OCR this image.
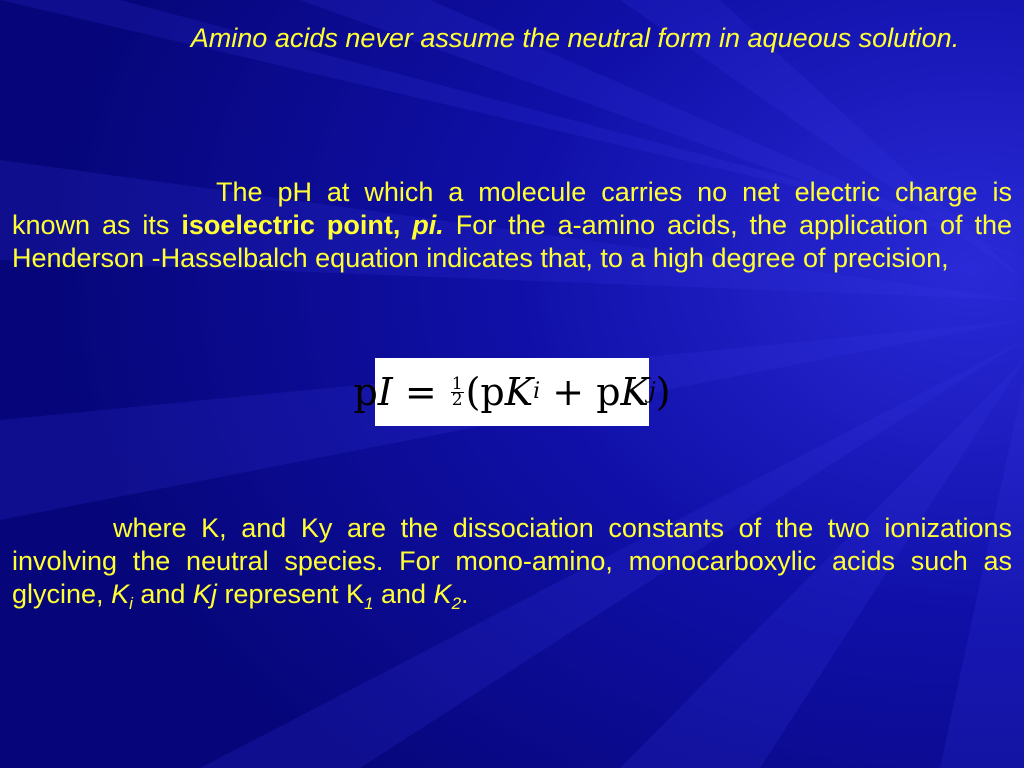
Amino acids never assume the neutral form in aqueous solution.
The pH at which a molecule carries no net electric charge is known as its isoelectric point, pi. For the a-amino acids, the application of the Henderson -Hasselbalch equation indicates that, to a high degree of precision,
p $I = \frac{1}{2} (p$ K i + p K j )
where K, and Ky are the dissociation constants of the two ionizations involving the neutral species. For mono-amino, monocarboxylic acids such as glycine, $K_i$ and Kj represent $K_1$ and $K_2$.
